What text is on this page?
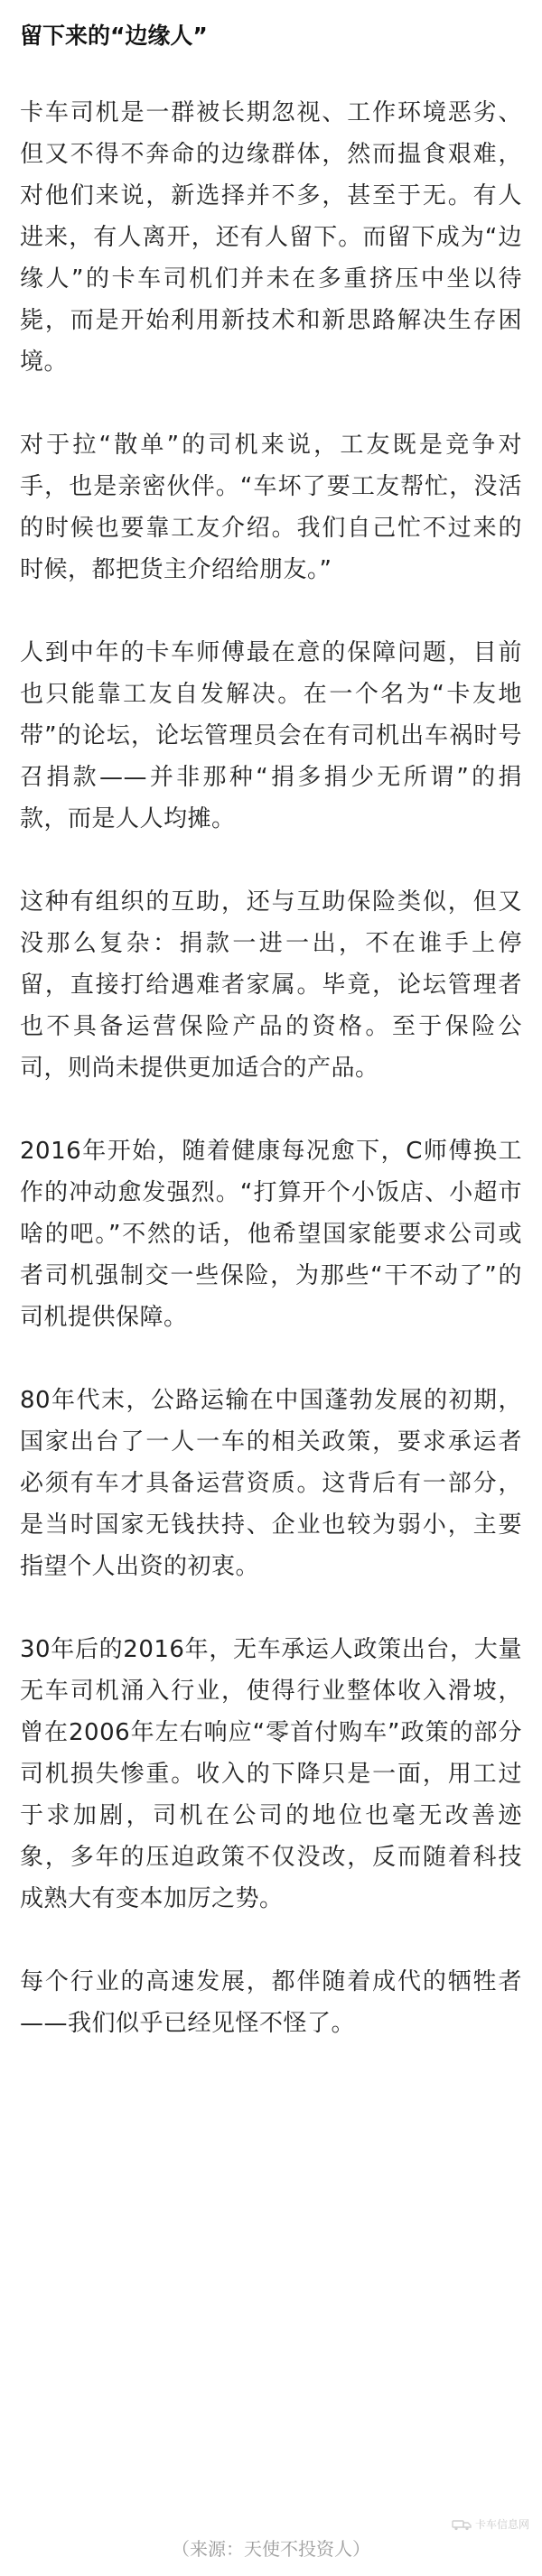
留下来的“边缘人”

卡车司机是一群被长期忽视、工作环境恶劣、但又不得不奔命的边缘群体，然而揾食艰难，对他们来说，新选择并不多，甚至于无。有人进来，有人离开，还有人留下。而留下成为“边缘人”的卡车司机们并未在多重挤压中坐以待毙，而是开始利用新技术和新思路解决生存困境。

对于拉“散单”的司机来说，工友既是竞争对手，也是亲密伙伴。“车坏了要工友帮忙，没活的时候也要靠工友介绍。我们自己忙不过来的时候，都把货主介绍给朋友。”

人到中年的卡车师傅最在意的保障问题，目前也只能靠工友自发解决。在一个名为“卡友地带”的论坛，论坛管理员会在有司机出车祸时号召捐款——并非那种“捐多捐少无所谓”的捐款，而是人人均摊。

这种有组织的互助，还与互助保险类似，但又没那么复杂：捐款一进一出，不在谁手上停留，直接打给遇难者家属。毕竟，论坛管理者也不具备运营保险产品的资格。至于保险公司，则尚未提供更加适合的产品。

2016年开始，随着健康每况愈下，C师傅换工作的冲动愈发强烈。“打算开个小饭店、小超市啥的吧。”不然的话，他希望国家能要求公司或者司机强制交一些保险，为那些“干不动了”的司机提供保障。

80年代末，公路运输在中国蓬勃发展的初期，国家出台了一人一车的相关政策，要求承运者必须有车才具备运营资质。这背后有一部分，是当时国家无钱扶持、企业也较为弱小，主要指望个人出资的初衷。

30年后的2016年，无车承运人政策出台，大量无车司机涌入行业，使得行业整体收入滑坡，曾在2006年左右响应“零首付购车”政策的部分司机损失惨重。收入的下降只是一面，用工过于求加剧，司机在公司的地位也毫无改善迹象，多年的压迫政策不仅没改，反而随着科技成熟大有变本加厉之势。

每个行业的高速发展，都伴随着成代的牺牲者——我们似乎已经见怪不怪了。

（来源：天使不投资人）
卡车信息网
